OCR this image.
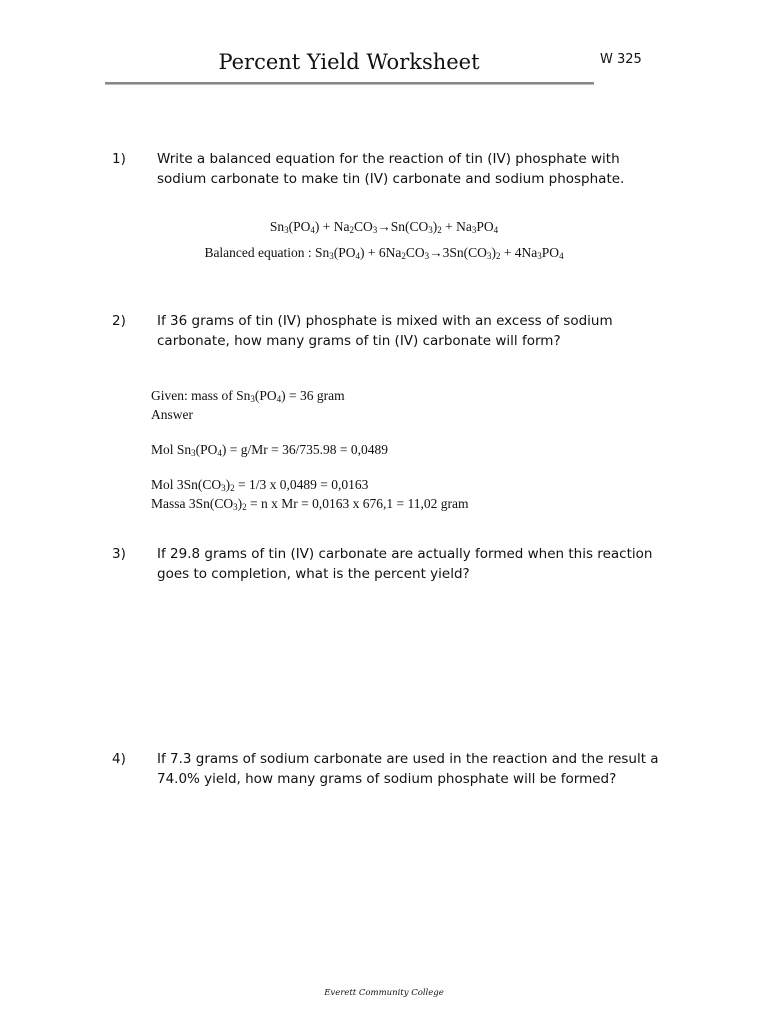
Percent Yield Worksheet	W 325
1) Write a balanced equation for the reaction of tin (IV) phosphate with
sodium carbonate to make tin (IV) carbonate and sodium phosphate.
$Sn_3(PO_4) + Na_2CO_3\to Sn(CO_3)_2 + Na_3PO_4$
Balanced equation : $Sn_3(PO_4) + 6Na_2CO_3\to 3Sn(CO_3)_2 + 4Na_3PO_4$
2) If 36 grams of tin (IV) phosphate is mixed with an excess of sodium
carbonate, how many grams of tin (IV) carbonate will form?
Given: mass of $Sn_3(PO_4) = 36$ gram
Answer
Mol $Sn_3(PO_4) = g/Mr = 36/735.98 = 0,0489$
Mol $3Sn(CO_3)_2 = 1/3$ x 0,0489 = 0,0163
Massa $3Sn(CO_3)_2 = n$ x Mr = 0,0163 x 676,1 = 11,02 gram
3) If 29.8 grams of tin (IV) carbonate are actually formed when this reaction
goes to completion, what is the percent yield?
4) If 7.3 grams of sodium carbonate are used in the reaction and the result a
74.0% yield, how many grams of sodium phosphate will be formed?
Everett Community College
